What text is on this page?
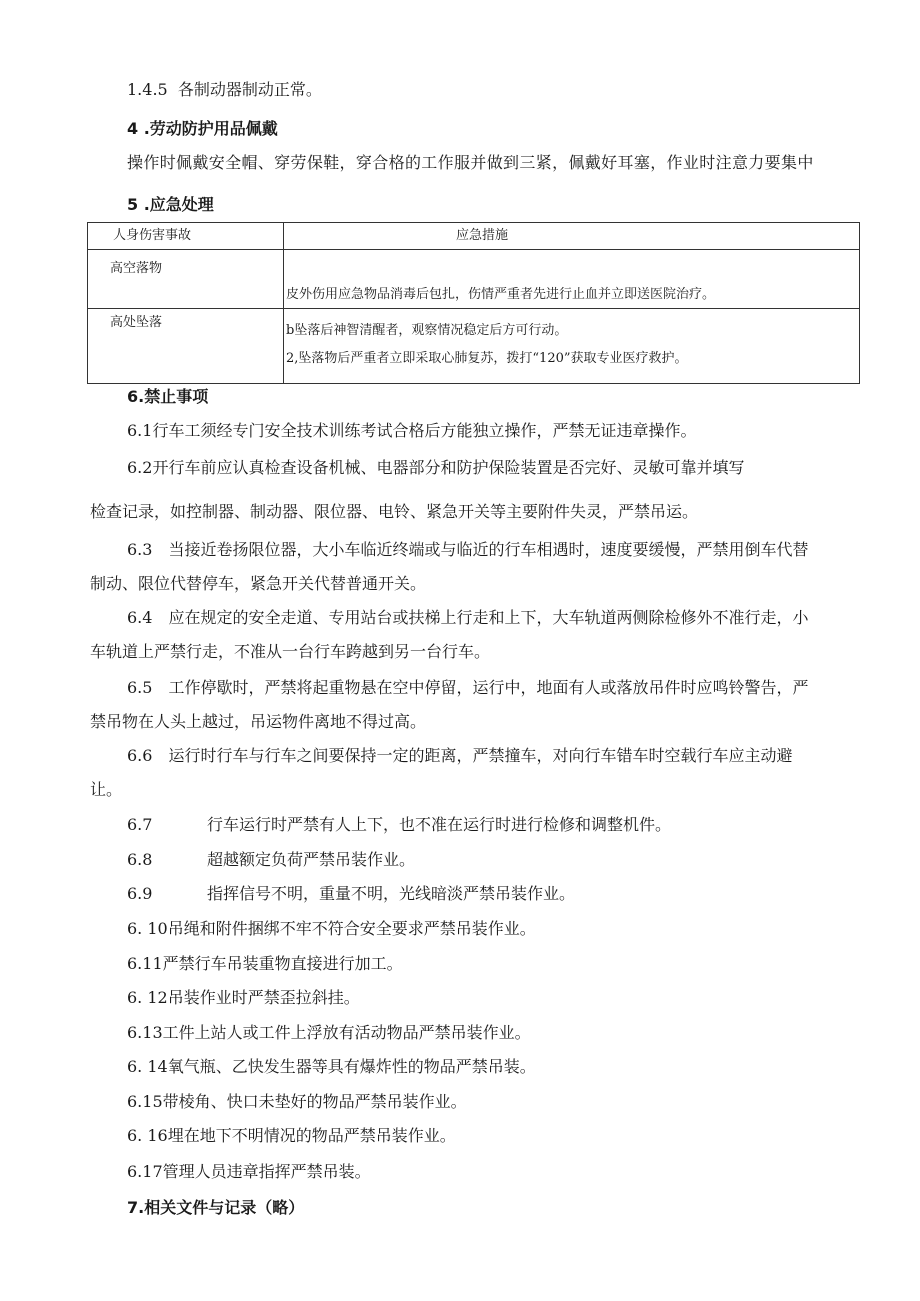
1.4.5 各制动器制动正常。
4 .劳动防护用品佩戴
操作时佩戴安全帽、穿劳保鞋，穿合格的工作服并做到三紧，佩戴好耳塞，作业时注意力要集中
5 .应急处理
人身伤害事故	应急措施

高空落物	皮外伤用应急物品消毒后包扎，伤情严重者先进行止血并立即送医院治疗。

高处坠落	b坠落后神智清醒者，观察情况稳定后方可行动。
2,坠落物后严重者立即采取心肺复苏，拨打“120”获取专业医疗救护。
6.禁止事项
6.1行车工须经专门安全技术训练考试合格后方能独立操作，严禁无证违章操作。
6.2开行车前应认真检查设备机械、电器部分和防护保险装置是否完好、灵敏可靠并填写
检查记录，如控制器、制动器、限位器、电铃、紧急开关等主要附件失灵，严禁吊运。
6.3　当接近卷扬限位器，大小车临近终端或与临近的行车相遇时，速度要缓慢，严禁用倒车代替
制动、限位代替停车，紧急开关代替普通开关。
6.4　应在规定的安全走道、专用站台或扶梯上行走和上下，大车轨道两侧除检修外不准行走，小
车轨道上严禁行走，不准从一台行车跨越到另一台行车。
6.5　工作停歇时，严禁将起重物悬在空中停留，运行中，地面有人或落放吊件时应鸣铃警告，严
禁吊物在人头上越过，吊运物件离地不得过高。
6.6　运行时行车与行车之间要保持一定的距离，严禁撞车，对向行车错车时空载行车应主动避
让。
6.7	行车运行时严禁有人上下，也不准在运行时进行检修和调整机件。
6.8	超越额定负荷严禁吊装作业。
6.9	指挥信号不明，重量不明，光线暗淡严禁吊装作业。
6. 10吊绳和附件捆绑不牢不符合安全要求严禁吊装作业。
6.11严禁行车吊装重物直接进行加工。
6. 12吊装作业时严禁歪拉斜挂。
6.13工件上站人或工件上浮放有活动物品严禁吊装作业。
6. 14氧气瓶、乙快发生器等具有爆炸性的物品严禁吊装。
6.15带棱角、快口未垫好的物品严禁吊装作业。
6. 16埋在地下不明情况的物品严禁吊装作业。
6.17管理人员违章指挥严禁吊装。
7.相关文件与记录（略）
